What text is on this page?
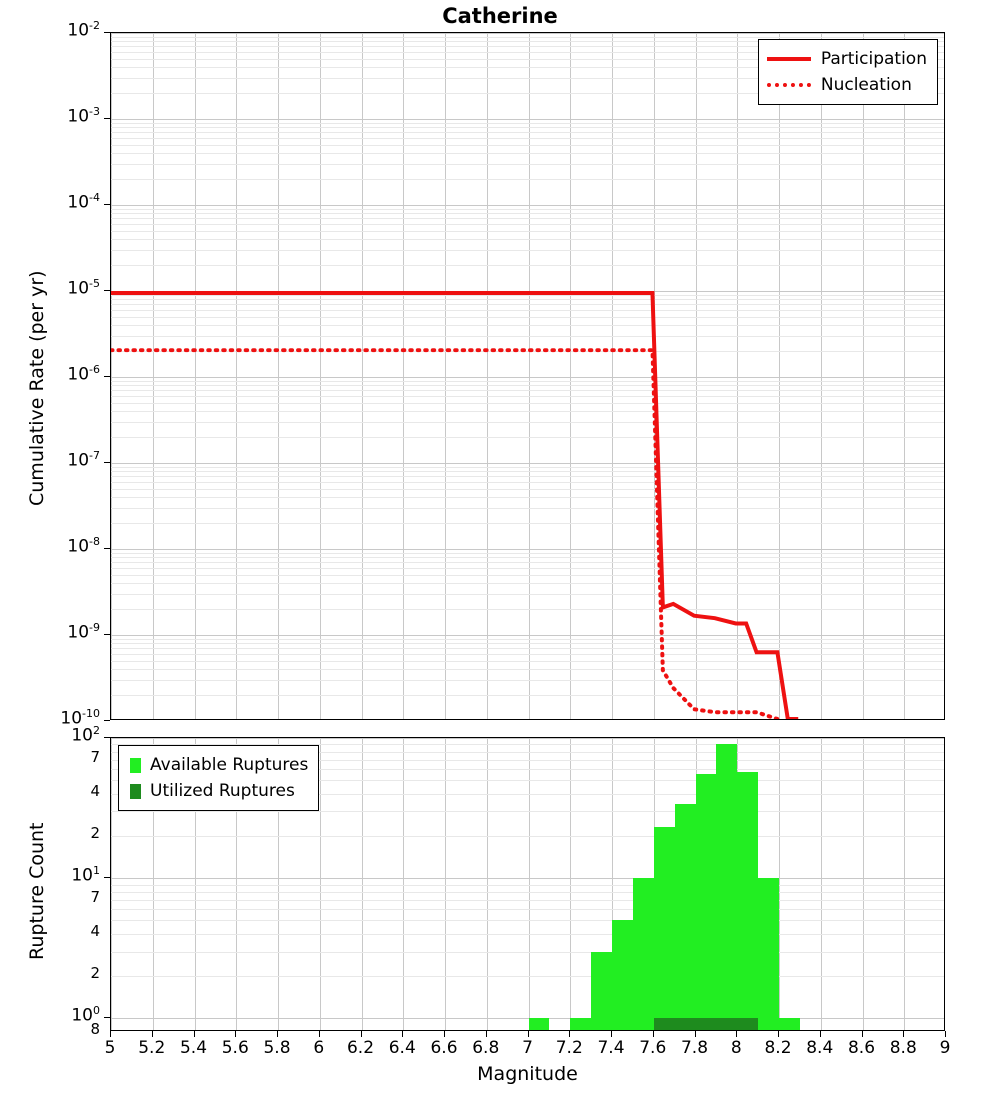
Catherine
Participation
Nucleation
$10^{-2}$
$10^{-3}$
$10^{-4}$
$10^{-5}$
$10^{-6}$
$10^{-7}$
$10^{-8}$
$10^{-9}$
$10^{-10}$
Cumulative Rate (per yr)
Available Ruptures
Utilized Ruptures
$10^2$
$10^1$
$10^0$
7
4
2
7
4
2
8
Rupture Count
5	5.2 5.4 5.6 5.8	6	6.2 6.4 6.6 6.8	7	7.2 7.4 7.6 7.8	8	8.2 8.4 8.6 8.8	9
Magnitude
